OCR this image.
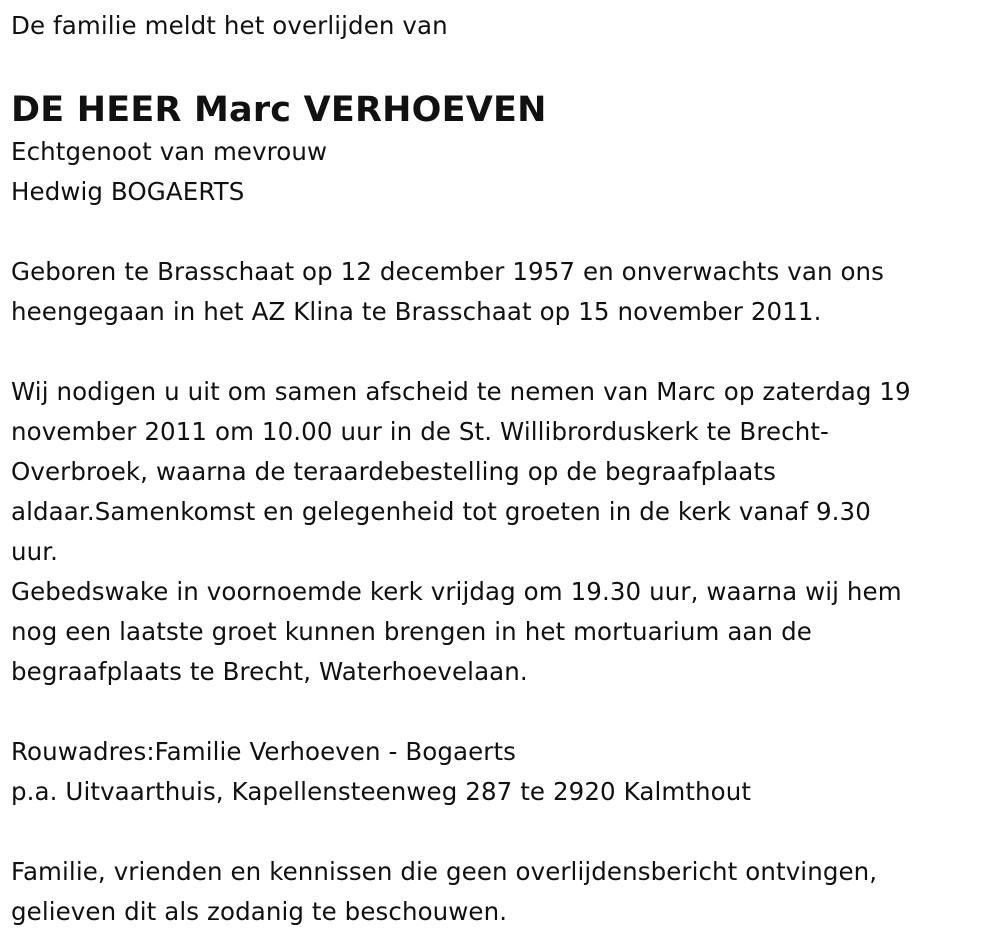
De familie meldt het overlijden van
DE HEER Marc VERHOEVEN
Echtgenoot van mevrouw
Hedwig BOGAERTS
Geboren te Brasschaat op 12 december 1957 en onverwachts van ons
heengegaan in het AZ Klina te Brasschaat op 15 november 2011.
Wij nodigen u uit om samen afscheid te nemen van Marc op zaterdag 19
november 2011 om 10.00 uur in de St. Willibrorduskerk te Brecht-
Overbroek, waarna de teraardebestelling op de begraafplaats
aldaar.Samenkomst en gelegenheid tot groeten in de kerk vanaf 9.30
uur.
Gebedswake in voornoemde kerk vrijdag om 19.30 uur, waarna wij hem
nog een laatste groet kunnen brengen in het mortuarium aan de
begraafplaats te Brecht, Waterhoevelaan.
Rouwadres:Familie Verhoeven - Bogaerts
p.a. Uitvaarthuis, Kapellensteenweg 287 te 2920 Kalmthout
Familie, vrienden en kennissen die geen overlijdensbericht ontvingen,
gelieven dit als zodanig te beschouwen.
